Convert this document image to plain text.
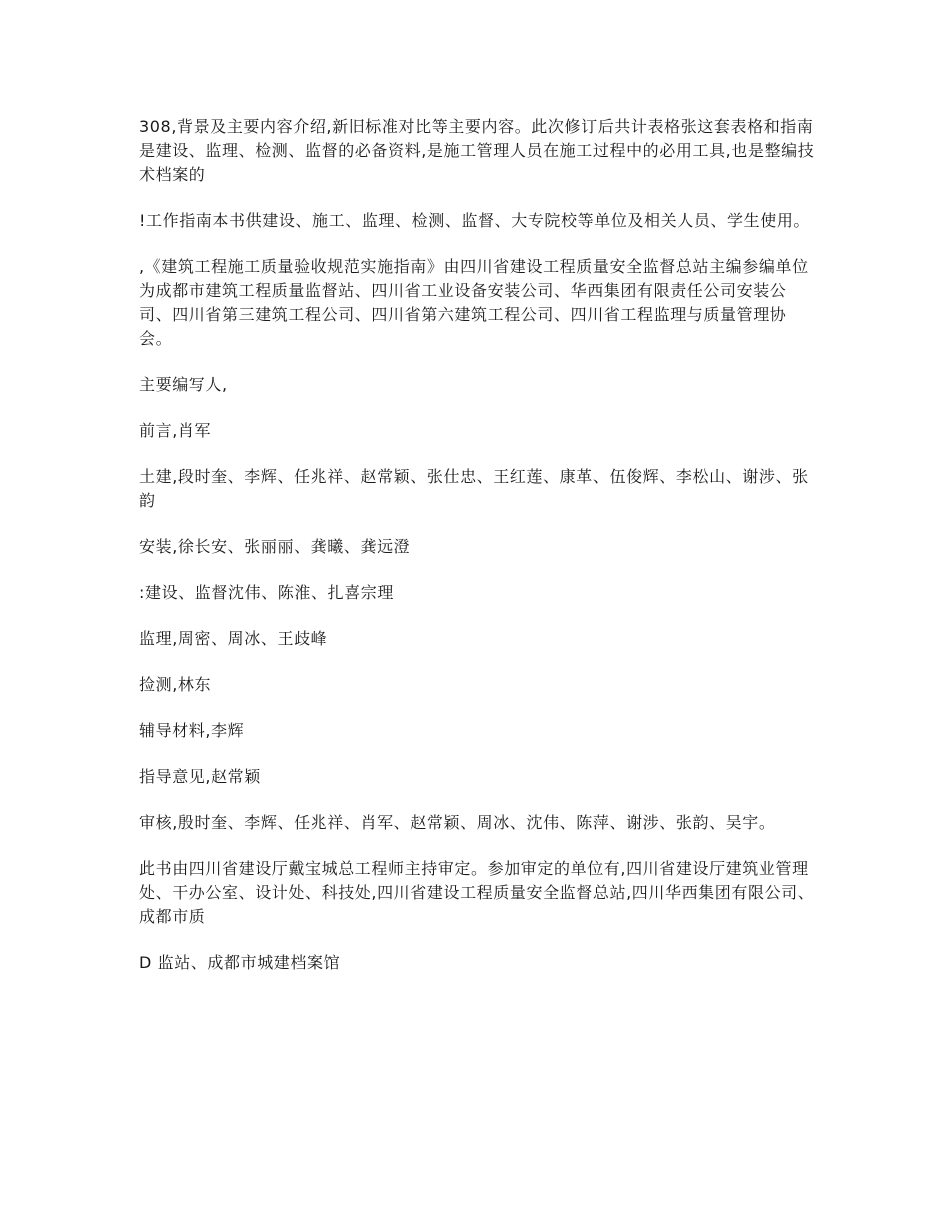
308,背景及主要内容介绍,新旧标准对比等主要内容。此次修订后共计表格张这套表格和指南是建设、监理、检测、监督的必备资料,是施工管理人员在施工过程中的必用工具,也是整编技术档案的

!工作指南本书供建设、施工、监理、检测、监督、大专院校等单位及相关人员、学生使用。

,《建筑工程施工质量验收规范实施指南》由四川省建设工程质量安全监督总站主编参编单位为成都市建筑工程质量监督站、四川省工业设备安装公司、华西集团有限责任公司安装公司、四川省第三建筑工程公司、四川省第六建筑工程公司、四川省工程监理与质量管理协会。

主要编写人,

前言,肖军

土建,段时奎、李辉、任兆祥、赵常颖、张仕忠、王红莲、康革、伍俊辉、李松山、谢涉、张韵

安装,徐长安、张丽丽、龚曦、龚远澄

:建设、监督沈伟、陈淮、扎喜宗理

监理,周密、周冰、王歧峰

捡测,林东

辅导材料,李辉

指导意见,赵常颖

审核,殷时奎、李辉、任兆祥、肖军、赵常颖、周冰、沈伟、陈萍、谢涉、张韵、吴宇。

此书由四川省建设厅戴宝城总工程师主持审定。参加审定的单位有,四川省建设厅建筑业管理处、干办公室、设计处、科技处,四川省建设工程质量安全监督总站,四川华西集团有限公司、成都市质

D 监站、成都市城建档案馆
